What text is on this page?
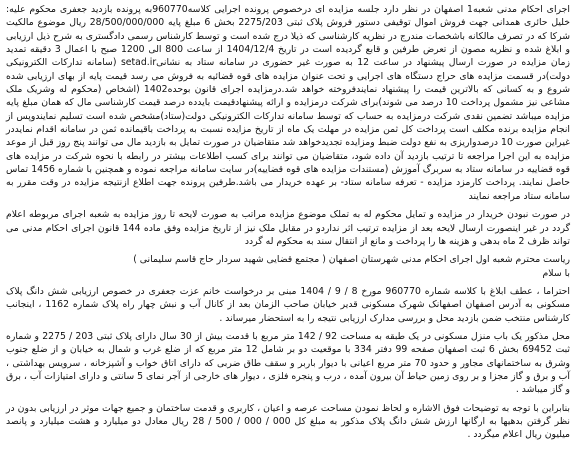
اجرای احکام مدنی شعبه1 اصفهان در نظر دارد جلسه مزایده ای درخصوص پرونده اجرایی کلاسه960770به پرونده بازدید جعفری محکوم علیه: خلیل حائری همدانی جهت فروش اموال توقیفی دستور فروش پلاک ثبتی 2275/203 بخش 6 مبلغ پایه 28/500/000/000 ریال موضوع مالکیت شرکا که در تصرف مالکانه باشخصات مندرج در نظریه کارشناسی که ذیلا درج شده است و توسط کارشناس رسمی دادگستری به شرح ذیل ارزیابی و ابلاغ شده و نظریه مصون از تعرض طرفین و قابع گردیده است در تاریخ 1404/12/4 از ساعت 800 الی 1200 صبح با اعمال 3 دقیقه تمدید زمان مزایده در صورت ارسال پیشنهاد در ساعت 12 به صورت غیر حضوری در سامانه ستاد به نشانیsetad.ir (سامانه تدارکات الکترونیکی دولت)در قسمت مزایده های حراج دستگاه های اجرایی و تحت عنوان مزایده های قوه قضائیه به فروش می رسد قیمت پایه از بهای ارزیابی شده شروع و به کسانی که بالاترین قیمت را پیشنهاد نمایندفروخته خواهد شد.درمزایده اجرای قانون بوحده1402 (اشخاص (محکوم له وشریک ملک مشاعی نیز مشمول پرداخت 10 درصد می شوند)برای شرکت درمزایده و ارائه پیشنهادقیمت بایدده درصد قیمت کارشناسی مال که همان مبلغ پایه مزایده میباشد تضمین نقدی شرکت درمزایده به حساب که توسط سامانه تدارکات الکترونیکی دولت(ستاد)مشخص شده است تسلیم نمایندوپس از انجام مزایده برنده مکلف است پرداخت کل ثمن مزایده در مهلت یک ماه از تاریخ مزایده نسبت به پرداخت باقیمانده ثمن در سامانه اقدام نمایددر غیراین صورت 10 درصدواریزی به نفع دولت ضبط ومزایده تجدیدخواهد شد متقاضیان در صورت تمایل به بازدید مال می توانند پنج روز قبل از موعد مزایده به این اجرا مراجعه تا ترتیب بازدید آن داده شود، متقاضیان می توانند برای کسب اطلاعات بیشتر در رابطه با نحوه شرکت در مزایده های قوه قضاییه در سامانه ستاد به سربرگ آموزش (مستندات مزایده های قوه قضاییه)در سایت سامانه مراجعه نموده و همچنین با شماره 1456 تماس حاصل نمایند. پرداخت کارمزد مزایده - تعرفه سامانه ستاد- بر عهده خریدار می باشد.طرفین پرونده جهت اطلاع ازنتیجه مزایده در وقت مقرر به سامانه ستاد مراجعه نمایند

در صورت نبودن خریدار در مزایده و تمایل محکوم له به تملک موضوع مزایده مراتب به صورت لایحه تا روز مزایده به شعبه اجرای مربوطه اعلام گردد در غیر اینصورت ارسال لایحه بعد از مزایده ترتیب اثر نداردو در مقابل ملک نیز از تاریخ مزایده وفق ماده 144 قانون اجرای احکام مدنی می تواند ظرف 2 ماه بدهی و هزینه ها را پرداخت و مانع از انتقال سند به محکوم له گردد

ریاست محترم شعبه اول اجرای احکام مدنی شهرستان اصفهان ( مجتمع قضایی شهید سردار حاج قاسم سلیمانی )

با سلام

احتراما ، عطف ابلاغ با کلاسه شماره 960770 مورخ 8 / 9 / 1404 مبنی بر درخواست خانم عزت جعفری در خصوص ارزیابی شش دانگ پلاک مسکونی به آدرس اصفهان اصفهانک شهرک مسکونی قدیر خیابان صاحب الزمان بعد از کانال آب و نبش چهار راه پلاک شماره 1162 ، اینجانب کارشناس منتخب ضمن بازدید محل و بررسی مدارک ارزیابی نتیجه را به استحضار میرساند .

محل مذکور یک باب منزل مسکونی در یک طبقه به مساحت 92 / 142 متر مربع با قدمت بیش از 30 سال دارای پلاک ثبتی 203 / 2275 و شماره ثبت 69452 بخش 6 ثبت اصفهان صفحه 99 دفتر 334 با موقعیت دو بر شامل 12 متر مربع که از ضلع غرب و شمال به خیابان و از ضلع جنوب وشرق به ساختمانهای مجاور و حدود 70 متر مربع اعیانی با دیوار باربر و سقف طاق ضربی که دارای اتاق خواب و آشپزخانه ، سرویس بهداشتی ، آب و برق و گاز مجزا و بر روی زمین حیاط آن بیرون آمده ، درب و پنجره فلزی ، دیوار های خارجی از آجر نمای 5 سانتی و دارای امتیازات آب ، برق و گاز میباشد .

بنابراین با توجه به توضیحات فوق الاشاره و لحاظ نمودن مساحت عرصه و اعیان ، کاربری و قدمت ساختمان و جمیع جهات موثر در ارزیابی بدون در نظر گرفتن بدهیها به ارگانها ارزش شش دانگ پلاک مذکور به مبلغ کل 000 / 000 / 500 / 28 ریال معادل دو میلیارد و هشت میلیارد و پانصد میلیون ریال اعلام میگردد .
